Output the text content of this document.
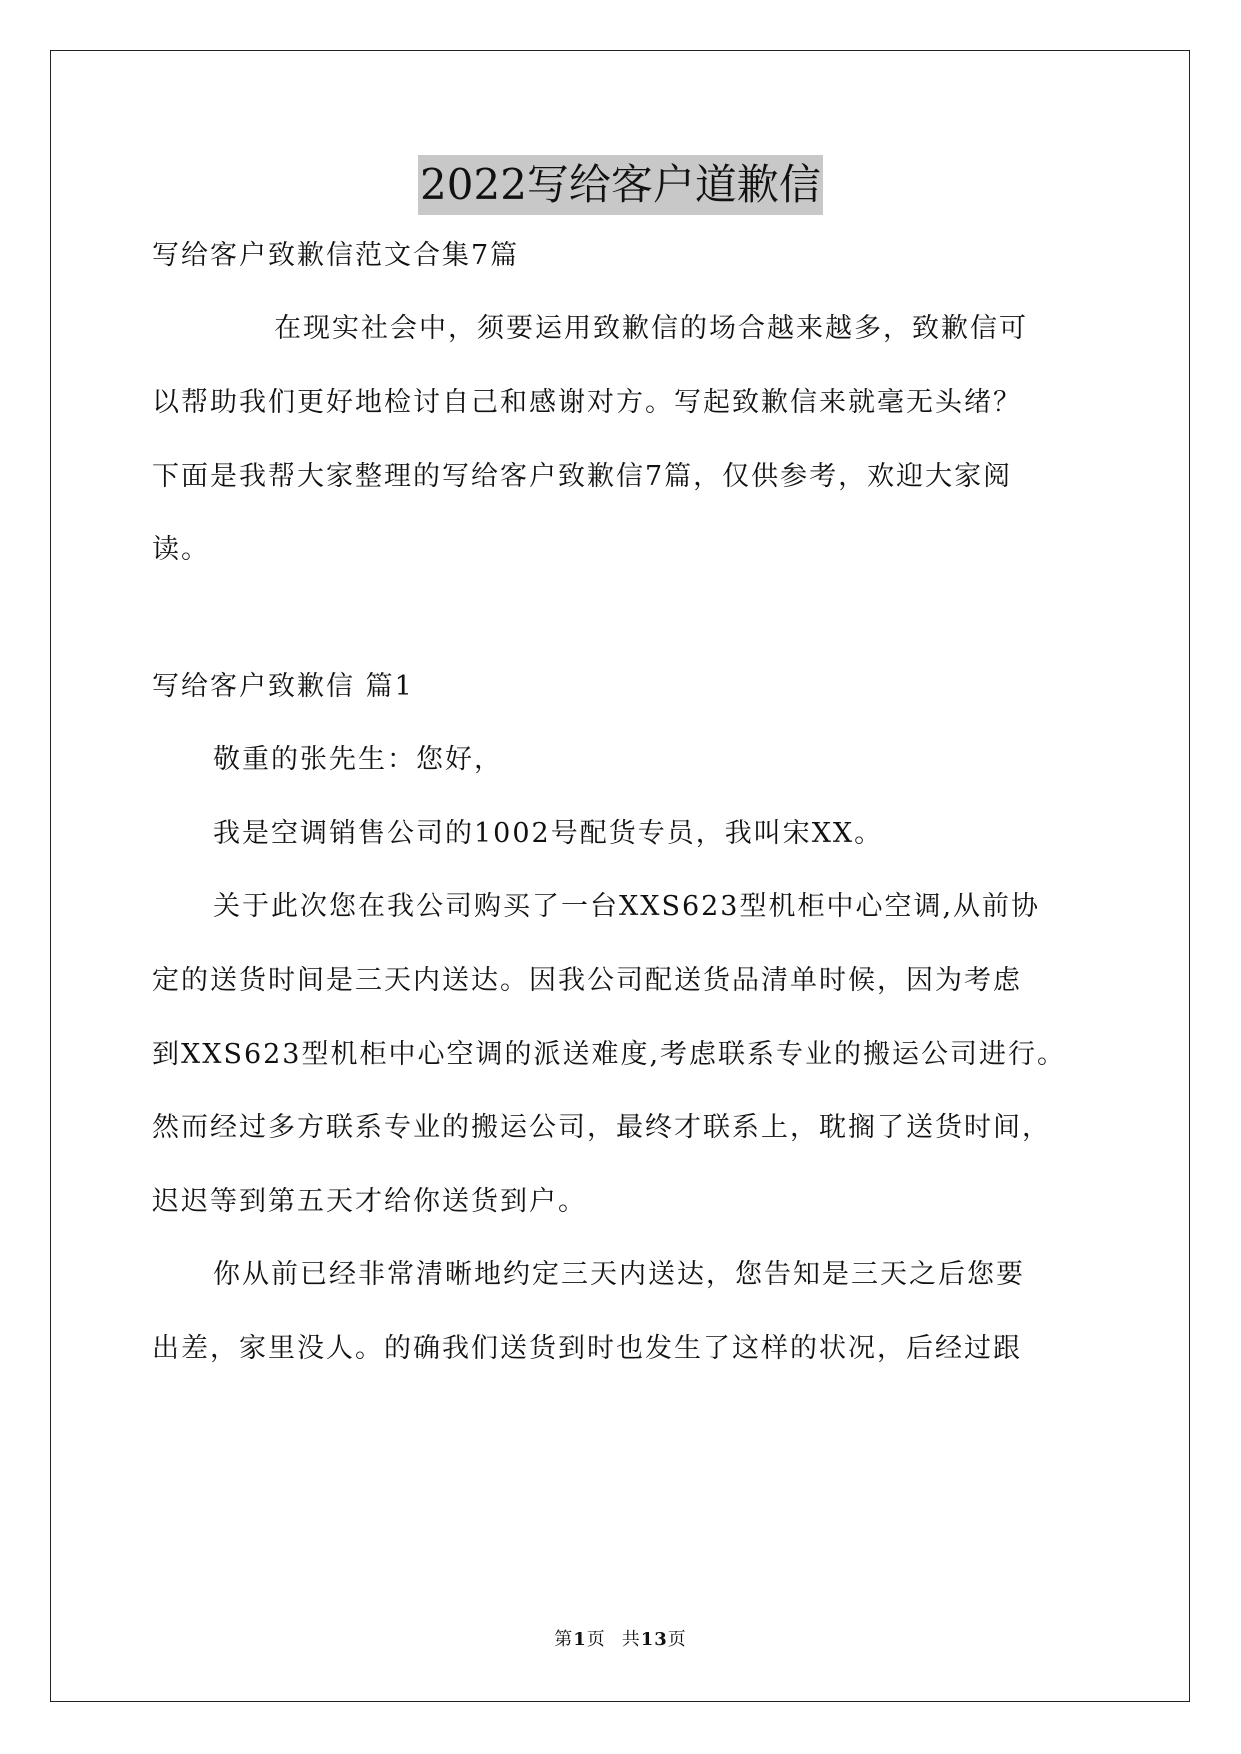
2022写给客户道歉信
写给客户致歉信范文合集7篇
在现实社会中，须要运用致歉信的场合越来越多，致歉信可
以帮助我们更好地检讨自己和感谢对方。写起致歉信来就毫无头绪？
下面是我帮大家整理的写给客户致歉信7篇，仅供参考，欢迎大家阅
读。
写给客户致歉信 篇1
敬重的张先生：您好，
我是空调销售公司的1002号配货专员，我叫宋XX。
关于此次您在我公司购买了一台XXS623型机柜中心空调,从前协
定的送货时间是三天内送达。因我公司配送货品清单时候，因为考虑
到XXS623型机柜中心空调的派送难度,考虑联系专业的搬运公司进行。
然而经过多方联系专业的搬运公司，最终才联系上，耽搁了送货时间，
迟迟等到第五天才给你送货到户。
你从前已经非常清晰地约定三天内送达，您告知是三天之后您要
出差，家里没人。的确我们送货到时也发生了这样的状况，后经过跟
第1页 共13页
